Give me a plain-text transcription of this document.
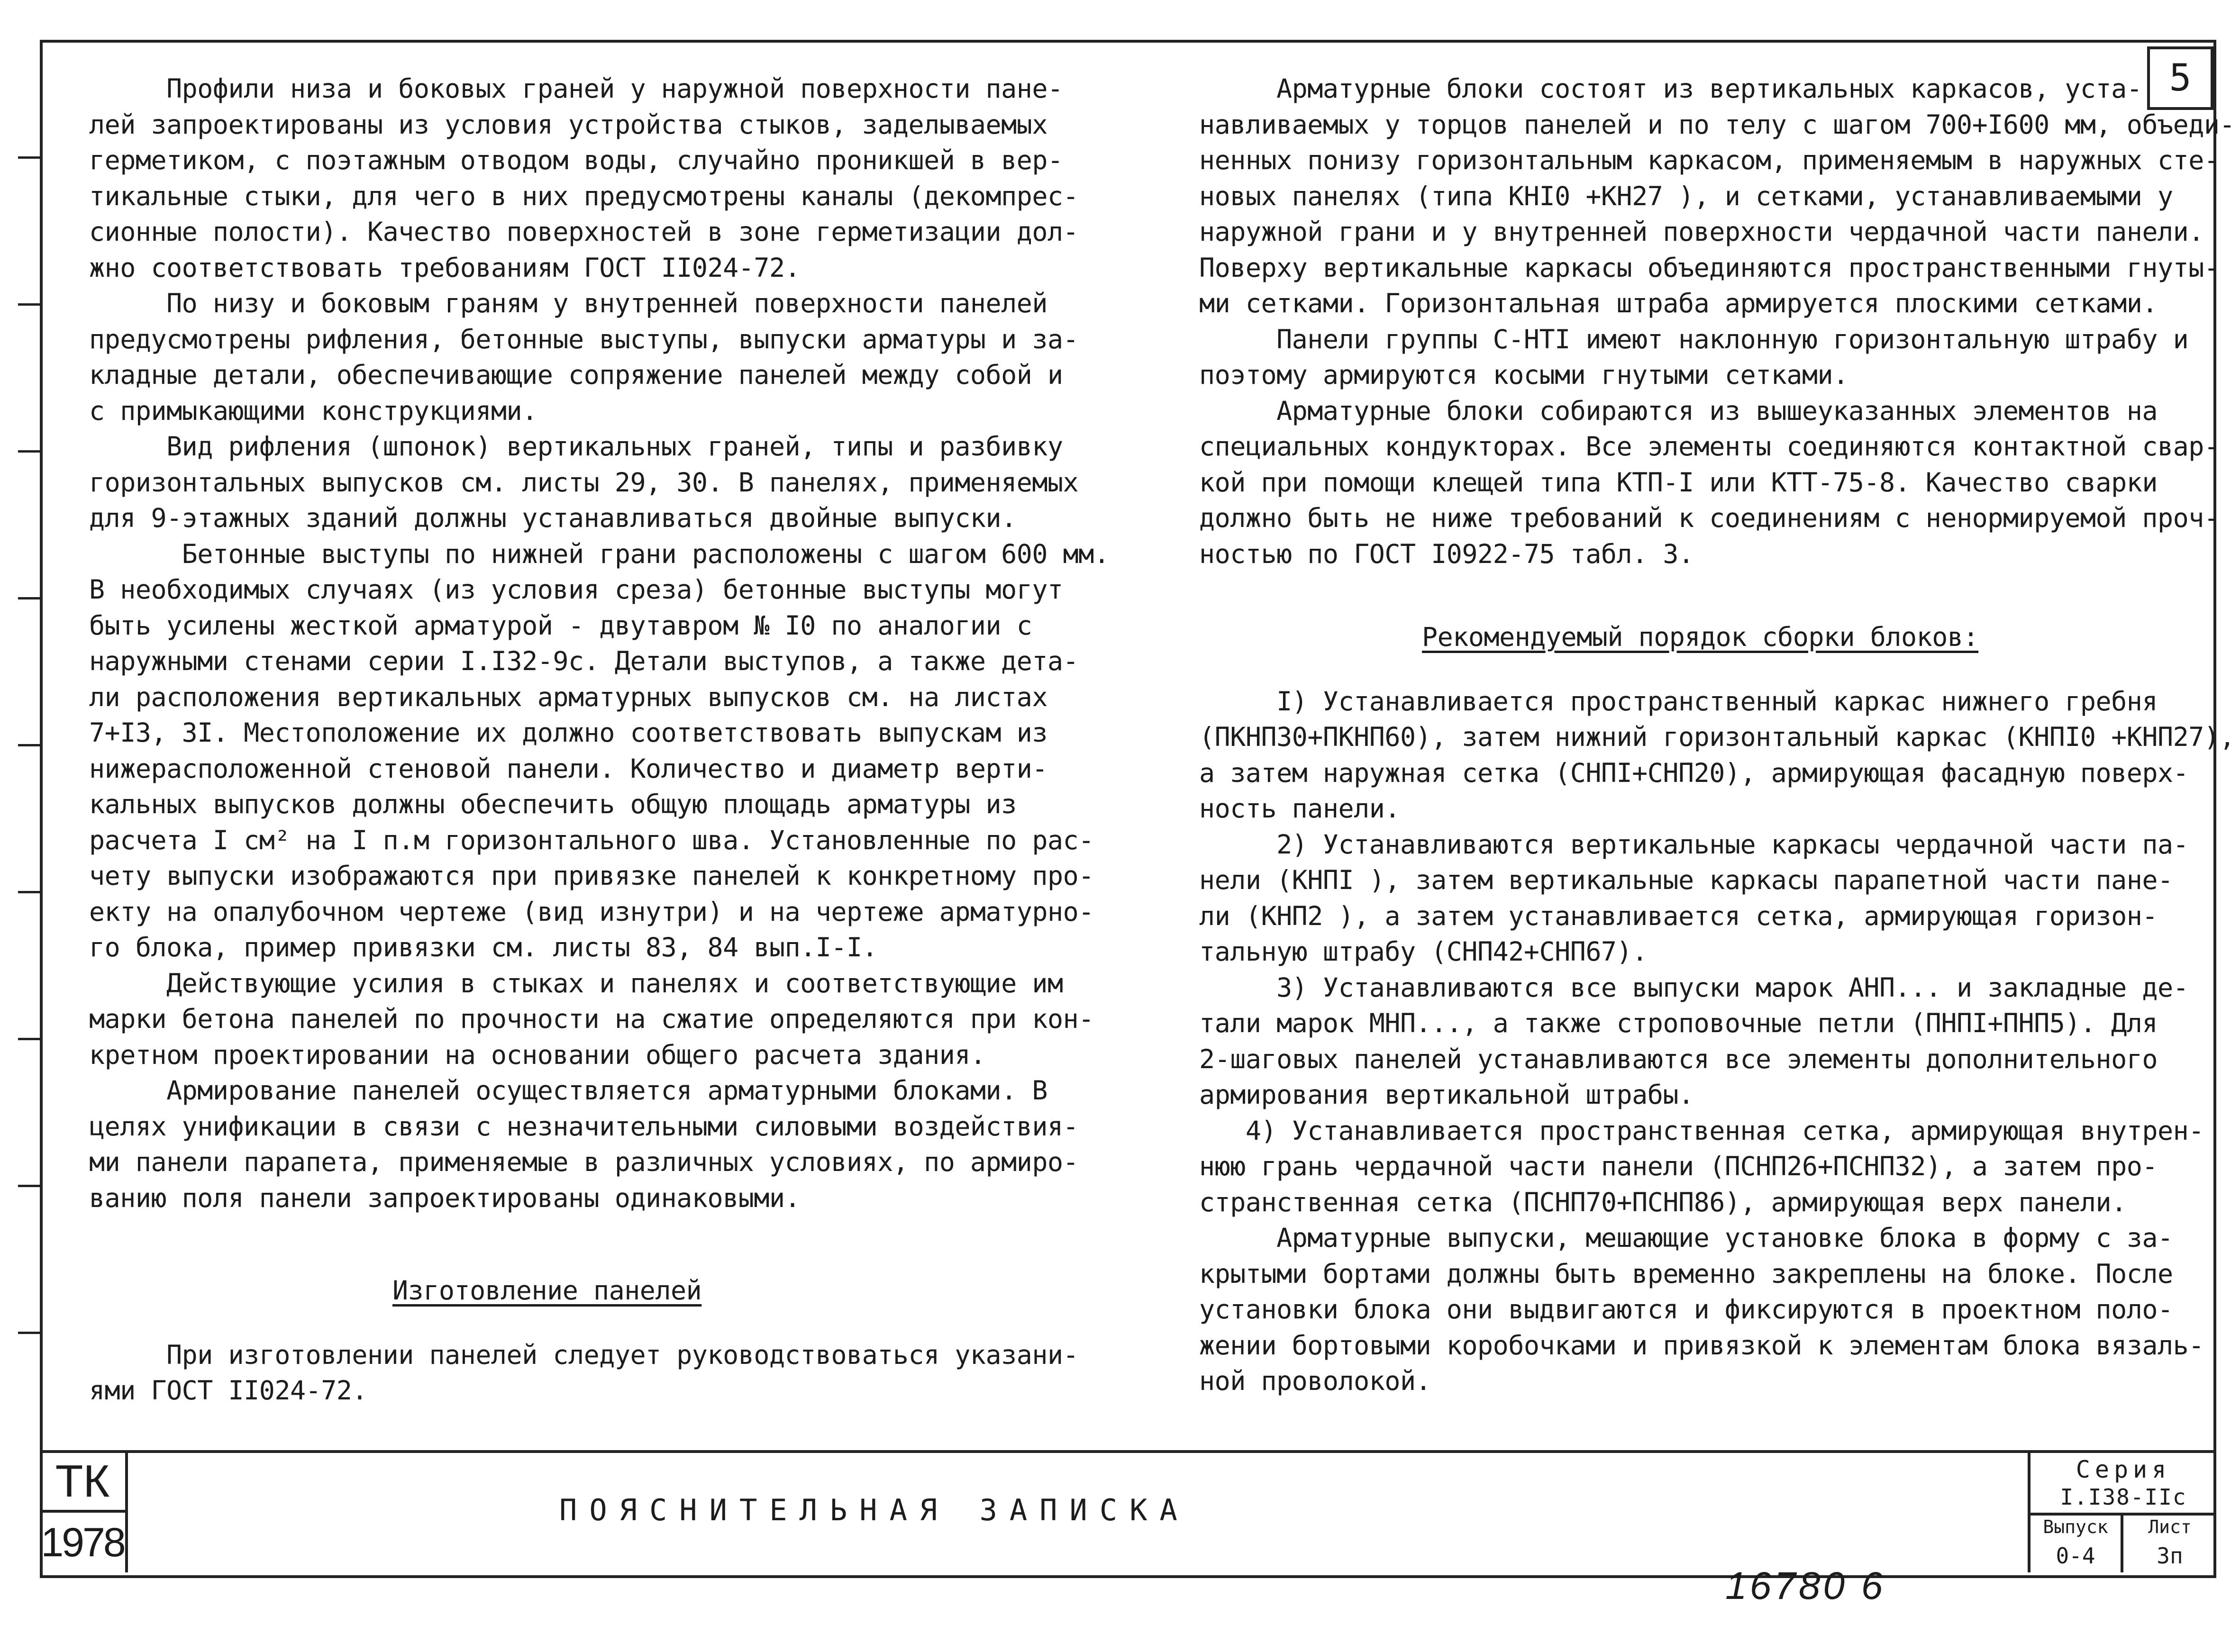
5
Профили низа и боковых граней у наружной поверхности пане-
лей запроектированы из условия устройства стыков, заделываемых
герметиком, с поэтажным отводом воды, случайно проникшей в вер-
тикальные стыки, для чего в них предусмотрены каналы (декомпрес-
сионные полости). Качество поверхностей в зоне герметизации дол-
жно соответствовать требованиям ГОСТ II024-72.
По низу и боковым граням у внутренней поверхности панелей
предусмотрены рифления, бетонные выступы, выпуски арматуры и за-
кладные детали, обеспечивающие сопряжение панелей между собой и
с примыкающими конструкциями.
Вид рифления (шпонок) вертикальных граней, типы и разбивку
горизонтальных выпусков см. листы 29, 30. В панелях, применяемых
для 9-этажных зданий должны устанавливаться двойные выпуски.
Бетонные выступы по нижней грани расположены с шагом 600 мм.
В необходимых случаях (из условия среза) бетонные выступы могут
быть усилены жесткой арматурой - двутавром № I0 по аналогии с
наружными стенами серии I.I32-9с. Детали выступов, а также дета-
ли расположения вертикальных арматурных выпусков см. на листах
7+I3, 3I. Местоположение их должно соответствовать выпускам из
нижерасположенной стеновой панели. Количество и диаметр верти-
кальных выпусков должны обеспечить общую площадь арматуры из
расчета I см² на I п.м горизонтального шва. Установленные по рас-
чету выпуски изображаются при привязке панелей к конкретному про-
екту на опалубочном чертеже (вид изнутри) и на чертеже арматурно-
го блока, пример привязки см. листы 83, 84 вып.I-I.
Действующие усилия в стыках и панелях и соответствующие им
марки бетона панелей по прочности на сжатие определяются при кон-
кретном проектировании на основании общего расчета здания.
Армирование панелей осуществляется арматурными блоками. В
целях унификации в связи с незначительными силовыми воздействия-
ми панели парапета, применяемые в различных условиях, по армиро-
ванию поля панели запроектированы одинаковыми.
Изготовление панелей
При изготовлении панелей следует руководствоваться указани-
ями ГОСТ II024-72.
Арматурные блоки состоят из вертикальных каркасов, уста-
навливаемых у торцов панелей и по телу с шагом 700+I600 мм, объеди-
ненных понизу горизонтальным каркасом, применяемым в наружных сте-
новых панелях (типа КНI0 +КН27 ), и сетками, устанавливаемыми у
наружной грани и у внутренней поверхности чердачной части панели.
Поверху вертикальные каркасы объединяются пространственными гнуты-
ми сетками. Горизонтальная штраба армируется плоскими сетками.
Панели группы С-НТI имеют наклонную горизонтальную штрабу и
поэтому армируются косыми гнутыми сетками.
Арматурные блоки собираются из вышеуказанных элементов на
специальных кондукторах. Все элементы соединяются контактной свар-
кой при помощи клещей типа КТП-I или КТТ-75-8. Качество сварки
должно быть не ниже требований к соединениям с ненормируемой проч-
ностью по ГОСТ I0922-75 табл. 3.
Рекомендуемый порядок сборки блоков:
I) Устанавливается пространственный каркас нижнего гребня
(ПКНП30+ПКНП60), затем нижний горизонтальный каркас (КНПI0 +КНП27),
а затем наружная сетка (СНПI+СНП20), армирующая фасадную поверх-
ность панели.
2) Устанавливаются вертикальные каркасы чердачной части па-
нели (КНПI ), затем вертикальные каркасы парапетной части пане-
ли (КНП2 ), а затем устанавливается сетка, армирующая горизон-
тальную штрабу (СНП42+СНП67).
3) Устанавливаются все выпуски марок АНП... и закладные де-
тали марок МНП..., а также строповочные петли (ПНПI+ПНП5). Для
2-шаговых панелей устанавливаются все элементы дополнительного
армирования вертикальной штрабы.
4) Устанавливается пространственная сетка, армирующая внутрен-
нюю грань чердачной части панели (ПСНП26+ПСНП32), а затем про-
странственная сетка (ПСНП70+ПСНП86), армирующая верх панели.
Арматурные выпуски, мешающие установке блока в форму с за-
крытыми бортами должны быть временно закреплены на блоке. После
установки блока они выдвигаются и фиксируются в проектном поло-
жении бортовыми коробочками и привязкой к элементам блока вязаль-
ной проволокой.
ТК
1978
ПОЯСНИТЕЛЬНАЯ ЗАПИСКА
Серия
I.I38-IIс
Выпуск
0-4
Лист
3п
16780 6
